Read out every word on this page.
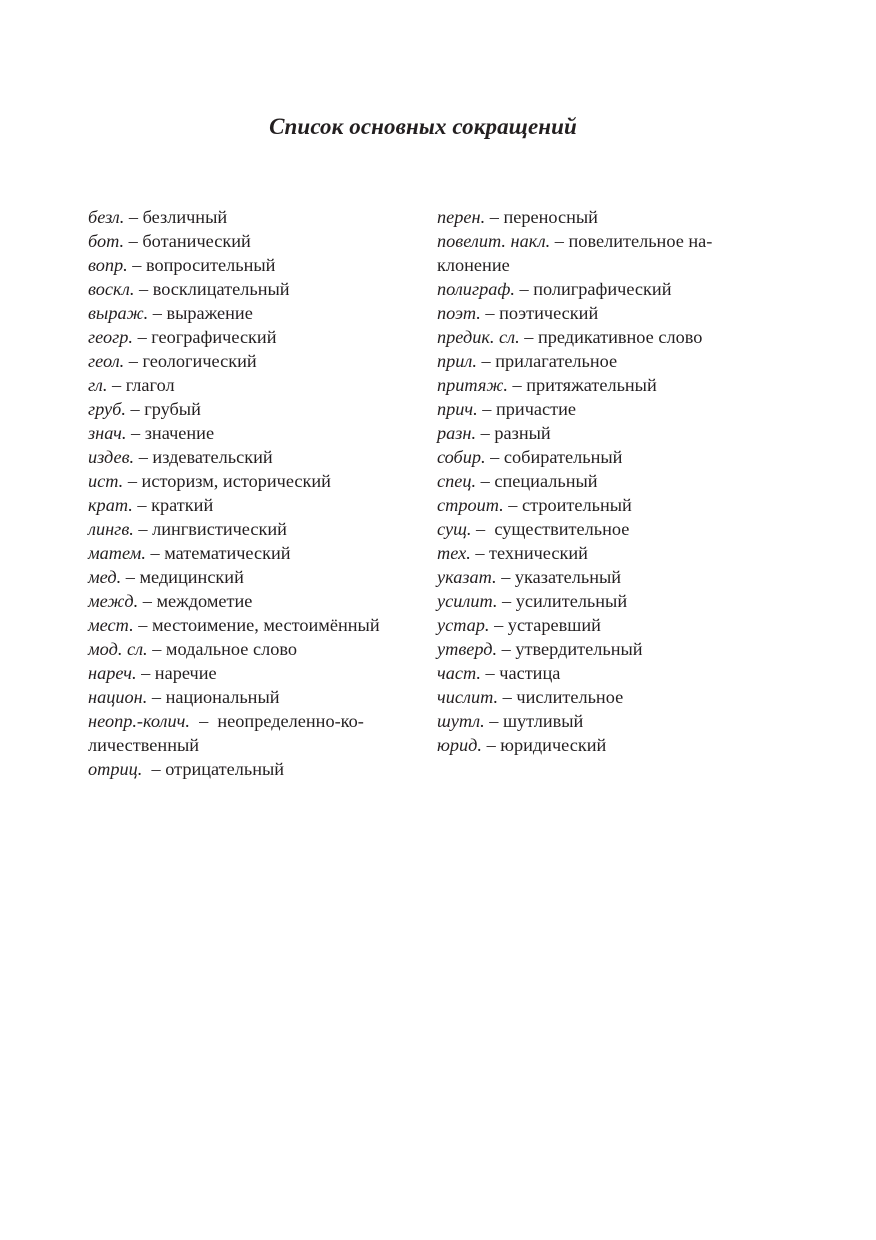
Список основных сокращений
безл. – безличный
бот. – ботанический
вопр. – вопросительный
воскл. – восклицательный
выраж. – выражение
геогр. – географический
геол. – геологический
гл. – глагол
груб. – грубый
знач. – значение
издев. – издевательский
ист. – историзм, исторический
крат. – краткий
лингв. – лингвистический
матем. – математический
мед. – медицинский
межд. – междометие
мест. – местоимение, местоимённый
мод. сл. – модальное слово
нареч. – наречие
национ. – национальный
неопр.-колич.  –  неопределенно-ко-
личественный
отриц.  – отрицательный
перен. – переносный
повелит. накл. – повелительное на-
клонение
полиграф. – полиграфический
поэт. – поэтический
предик. сл. – предикативное слово
прил. – прилагательное
притяж. – притяжательный
прич. – причастие
разн. – разный
собир. – собирательный
спец. – специальный
строит. – строительный
сущ. –  существительное
тех. – технический
указат. – указательный
усилит. – усилительный
устар. – устаревший
утверд. – утвердительный
част. – частица
числит. – числительное
шутл. – шутливый
юрид. – юридический
